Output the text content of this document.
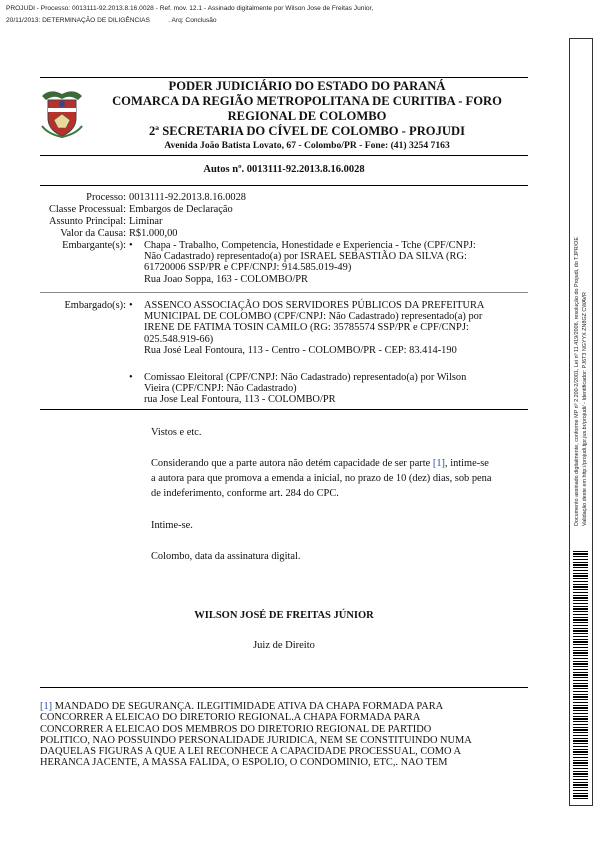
PROJUDI - Processo: 0013111-92.2013.8.16.0028 - Ref. mov. 12.1 - Assinado digitalmente por Wilson Jose de Freitas Junior,
20/11/2013: DETERMINAÇÃO DE DILIGÊNCIAS          . Arq: Conclusão
Documento assinado digitalmente, conforme MP nº 2.200-2/2001, Lei nº 11.419/2006, resolução do Projudi, do TJPR/OE Validação deste em http://projudi.tjpr.jus.br/projudi/ - Identificador: PJ6T3 NGYYX ZN8GZ CWAVR
PODER JUDICIÁRIO DO ESTADO DO PARANÁ
COMARCA DA REGIÃO METROPOLITANA DE CURITIBA - FORO
REGIONAL DE COLOMBO
2ª SECRETARIA DO CÍVEL DE COLOMBO - PROJUDI
Avenida João Batista Lovato, 67 - Colombo/PR - Fone: (41) 3254 7163
Autos nº. 0013111-92.2013.8.16.0028
Processo: 0013111-92.2013.8.16.0028
Classe Processual: Embargos de Declaração
Assunto Principal: Liminar
Valor da Causa: R$1.000,00
Embargante(s):
Embargado(s):
• Chapa - Trabalho, Competencia, Honestidade e Experiencia - Tche (CPF/CNPJ:
Não Cadastrado) representado(a) por ISRAEL SEBASTIÃO DA SILVA (RG:
61720006 SSP/PR e CPF/CNPJ: 914.585.019-49)
Rua Joao Soppa, 163 - COLOMBO/PR
• ASSENCO ASSOCIAÇÃO DOS SERVIDORES PÚBLICOS DA PREFEITURA
MUNICIPAL DE COLOMBO (CPF/CNPJ: Não Cadastrado) representado(a) por
IRENE DE FATIMA TOSIN CAMILO (RG: 35785574 SSP/PR e CPF/CNPJ:
025.548.919-66)
Rua José Leal Fontoura, 113 - Centro - COLOMBO/PR - CEP: 83.414-190
• Comissao Eleitoral (CPF/CNPJ: Não Cadastrado) representado(a) por Wilson
Vieira (CPF/CNPJ: Não Cadastrado)
rua Jose Leal Fontoura, 113 - COLOMBO/PR
Vistos e etc.
Considerando que a parte autora não detém capacidade de ser parte [1], intime-se
a autora para que promova a emenda a inicial, no prazo de 10 (dez) dias, sob pena
de indeferimento, conforme art. 284 do CPC.
Intime-se.
Colombo, data da assinatura digital.
WILSON JOSÉ DE FREITAS JÚNIOR
Juiz de Direito
[1] MANDADO DE SEGURANÇA. ILEGITIMIDADE ATIVA DA CHAPA FORMADA PARA
CONCORRER A ELEICAO DO DIRETORIO REGIONAL.A CHAPA FORMADA PARA
CONCORRER A ELEICAO DOS MEMBROS DO DIRETORIO REGIONAL DE PARTIDO
POLITICO, NAO POSSUINDO PERSONALIDADE JURIDICA, NEM SE CONSTITUINDO NUMA
DAQUELAS FIGURAS A QUE A LEI RECONHECE A CAPACIDADE PROCESSUAL, COMO A
HERANCA JACENTE, A MASSA FALIDA, O ESPOLIO, O CONDOMINIO, ETC,. NAO TEM
